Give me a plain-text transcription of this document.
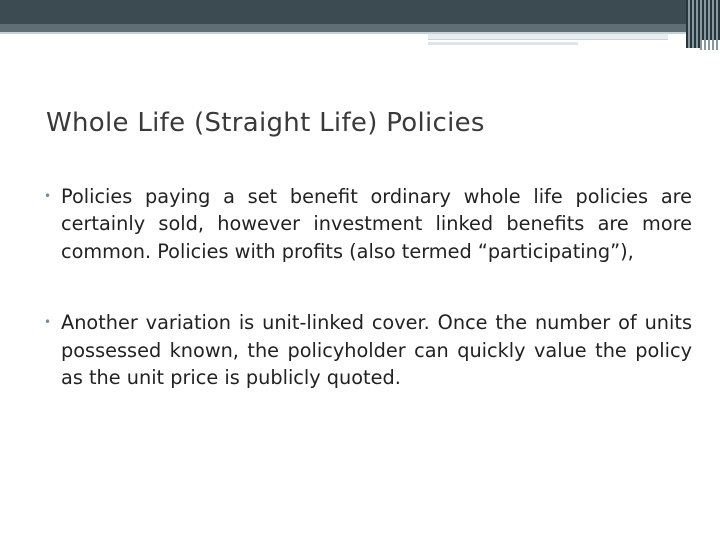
Whole Life (Straight Life) Policies
• Policies paying a set benefit ordinary whole life policies are certainly sold, however investment linked benefits are more common. Policies with profits (also termed “participating”),
• Another variation is unit-linked cover. Once the number of units possessed known, the policyholder can quickly value the policy as the unit price is publicly quoted.
